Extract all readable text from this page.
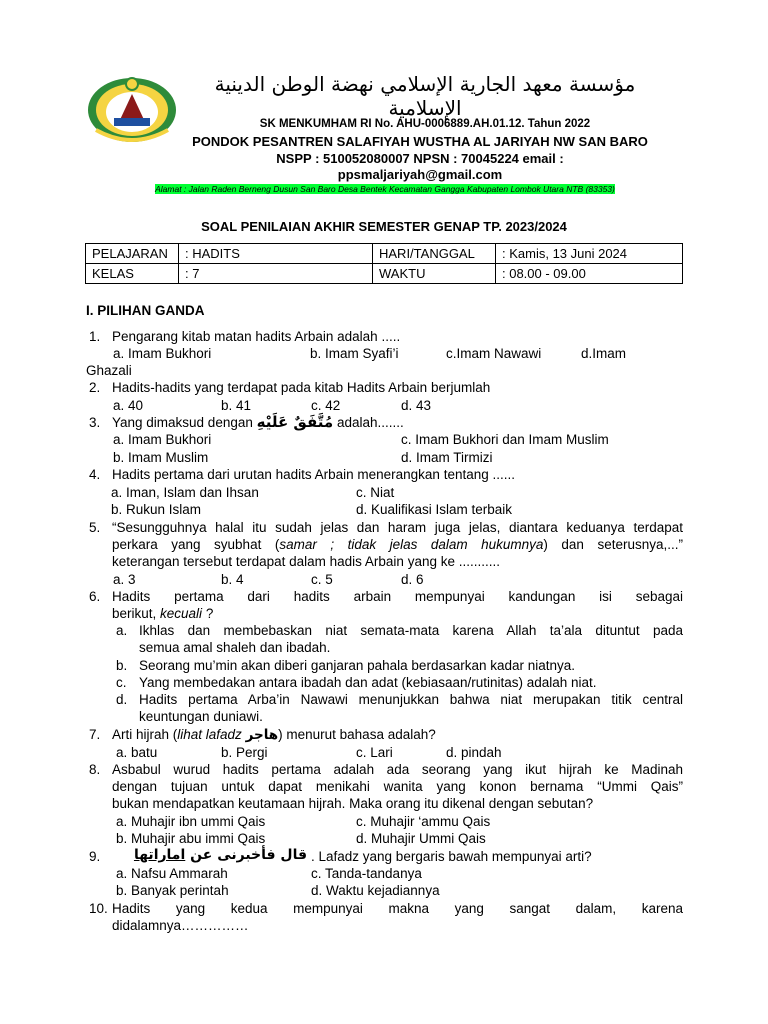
مؤسسة معهد الجارية الإسلامي نهضة الوطن الدينية الإسلامية
SK MENKUMHAM RI No. AHU-0006889.AH.01.12. Tahun 2022
PONDOK PESANTREN SALAFIYAH WUSTHA AL JARIYAH NW SAN BARO
NSPP : 510052080007 NPSN : 70045224 email :
ppsmaljariyah@gmail.com
Alamat : Jalan Raden Berneng Dusun San Baro Desa Bentek Kecamatan Gangga Kabupaten Lombok Utara NTB (83353)
SOAL PENILAIAN AKHIR SEMESTER GENAP TP. 2023/2024
PELAJARAN	: HADITS	HARI/TANGGAL	: Kamis, 13 Juni 2024
KELAS	: 7	WAKTU	: 08.00 - 09.00
I. PILIHAN GANDA
1. Pengarang kitab matan hadits Arbain adalah .....
a. Imam Bukhori	b. Imam Syafi’i	c.Imam Nawawi	d.Imam
Ghazali
2. Hadits-hadits yang terdapat pada kitab Hadits Arbain berjumlah
a. 40	b. 41	c. 42	d. 43
3. Yang dimaksud dengan مُتَّفَقٌ عَلَيْهِ adalah.......
a. Imam Bukhori	c. Imam Bukhori dan Imam Muslim
b. Imam Muslim	d. Imam Tirmizi
4. Hadits pertama dari urutan hadits Arbain menerangkan tentang ......
a. Iman, Islam dan Ihsan	c. Niat
b. Rukun Islam	d. Kualifikasi Islam terbaik
5. “Sesungguhnya halal itu sudah jelas dan haram juga jelas, diantara keduanya terdapat
perkara yang syubhat (samar ; tidak jelas dalam hukumnya) dan seterusnya,...”
keterangan tersebut terdapat dalam hadis Arbain yang ke ...........
a. 3	b. 4	c. 5	d. 6
6. Hadits pertama dari hadits arbain mempunyai kandungan isi sebagai
berikut, kecuali ?
a. Ikhlas dan membebaskan niat semata-mata karena Allah ta’ala dituntut pada
semua amal shaleh dan ibadah.
b. Seorang mu’min akan diberi ganjaran pahala berdasarkan kadar niatnya.
c. Yang membedakan antara ibadah dan adat (kebiasaan/rutinitas) adalah niat.
d. Hadits pertama Arba’in Nawawi menunjukkan bahwa niat merupakan titik central
keuntungan duniawi.
7. Arti hijrah (lihat lafadz هاجر) menurut bahasa adalah?
a. batu	b. Pergi	c. Lari	d. pindah
8. Asbabul wurud hadits pertama adalah ada seorang yang ikut hijrah ke Madinah
dengan tujuan untuk dapat menikahi wanita yang konon bernama “Ummi Qais”
bukan mendapatkan keutamaan hijrah. Maka orang itu dikenal dengan sebutan?
a. Muhajir ibn ummi Qais	c. Muhajir ‘ammu Qais
b. Muhajir abu immi Qais	d. Muhajir Ummi Qais
9.	قال فأخبرنى عن اماراتها	. Lafadz yang bergaris bawah mempunyai arti?
a. Nafsu Ammarah	c. Tanda-tandanya
b. Banyak perintah	d. Waktu kejadiannya
10. Hadits yang kedua mempunyai makna yang sangat dalam, karena
didalamnya……………
